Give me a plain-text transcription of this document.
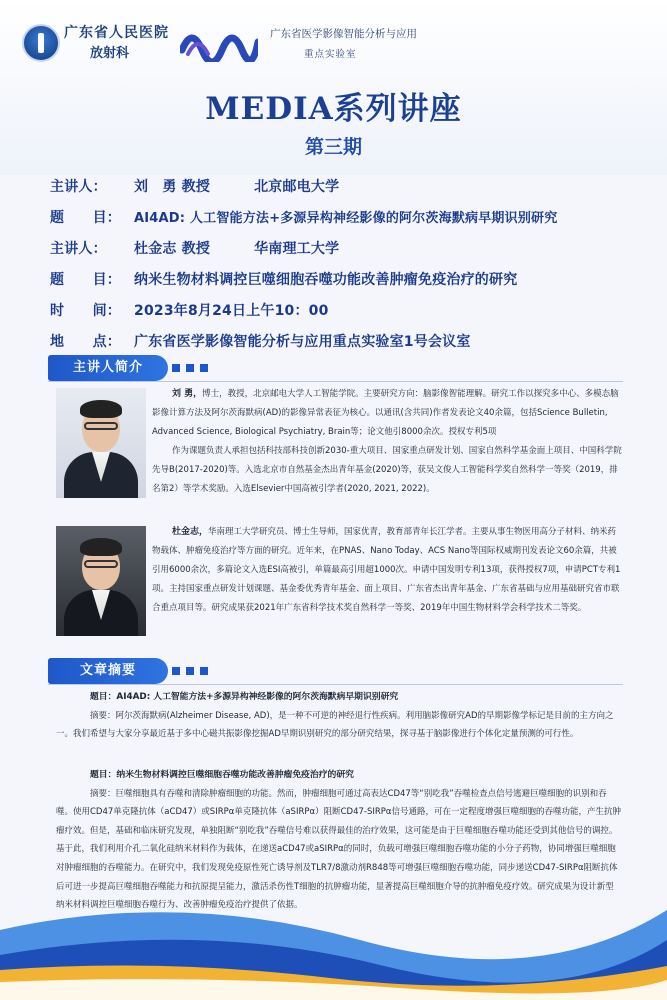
广东省人民医院
放射科
广东省医学影像智能分析与应用
重点实验室
MEDIA系列讲座
第三期
主讲人： 刘　勇 教授	北京邮电大学
题　　目： AI4AD: 人工智能方法+多源异构神经影像的阿尔茨海默病早期识别研究
主讲人： 杜金志 教授	华南理工大学
题　　目： 纳米生物材料调控巨噬细胞吞噬功能改善肿瘤免疫治疗的研究
时　　间： 2023年8月24日上午10：00
地　　点： 广东省医学影像智能分析与应用重点实验室1号会议室
主讲人简介

刘 勇，博士，教授，北京邮电大学人工智能学院。主要研究方向：脑影像智能理解。研究工作以探究多中心、多模态脑影像计算方法及阿尔茨海默病(AD)的影像异常表征为核心。以通讯(含共同)作者发表论文40余篇，包括Science Bulletin, Advanced Science, Biological Psychiatry, Brain等；论文他引8000余次。授权专利5项

作为课题负责人承担包括科技部科技创新2030-重大项目、国家重点研发计划、国家自然科学基金面上项目、中国科学院先导B(2017-2020)等。入选北京市自然基金杰出青年基金(2020)等，获吴文俊人工智能科学奖自然科学一等奖（2019，排名第2）等学术奖励。入选Elsevier中国高被引学者(2020, 2021, 2022)。

杜金志，华南理工大学研究员、博士生导师，国家优青，教育部青年长江学者。主要从事生物医用高分子材料、纳米药物载体、肿瘤免疫治疗等方面的研究。近年来，在PNAS、Nano Today、ACS Nano等国际权威期刊发表论文60余篇，共被引用6000余次，多篇论文入选ESI高被引，单篇最高引用超1000次。申请中国发明专利13项，获得授权7项，申请PCT专利1项。主持国家重点研发计划课题、基金委优秀青年基金、面上项目、广东省杰出青年基金、广东省基础与应用基础研究省市联合重点项目等。研究成果获2021年广东省科学技术奖自然科学一等奖、2019年中国生物材料学会科学技术二等奖。

文章摘要
题目：AI4AD: 人工智能方法+多源异构神经影像的阿尔茨海默病早期识别研究

摘要：阿尔茨海默病(Alzheimer Disease, AD)，是一种不可逆的神经退行性疾病。利用脑影像研究AD的早期影像学标记是目前的主方向之一。我们希望与大家分享最近基于多中心磁共振影像挖掘AD早期识别研究的部分研究结果，探寻基于脑影像进行个体化定量预测的可行性。

题目：纳米生物材料调控巨噬细胞吞噬功能改善肿瘤免疫治疗的研究

摘要：巨噬细胞具有吞噬和清除肿瘤细胞的功能。然而，肿瘤细胞可通过高表达CD47等“别吃我”吞噬检查点信号逃避巨噬细胞的识别和吞噬。使用CD47单克隆抗体（aCD47）或SIRPα单克隆抗体（aSIRPα）阻断CD47-SIRPα信号通路，可在一定程度增强巨噬细胞的吞噬功能，产生抗肿瘤疗效。但是，基础和临床研究发现，单独阻断“别吃我”吞噬信号难以获得最佳的治疗效果，这可能是由于巨噬细胞吞噬功能还受到其他信号的调控。基于此，我们利用介孔二氧化硅纳米材料作为载体，在递送aCD47或aSIRPα的同时，负载可增强巨噬细胞吞噬功能的小分子药物，协同增强巨噬细胞对肿瘤细胞的吞噬能力。在研究中，我们发现免疫原性死亡诱导剂及TLR7/8激动剂R848等可增强巨噬细胞吞噬功能，同步递送CD47-SIRPα阻断抗体后可进一步提高巨噬细胞吞噬能力和抗原提呈能力，激活杀伤性T细胞的抗肿瘤功能，显著提高巨噬细胞介导的抗肿瘤免疫疗效。研究成果为设计新型纳米材料调控巨噬细胞吞噬行为、改善肿瘤免疫治疗提供了依据。
